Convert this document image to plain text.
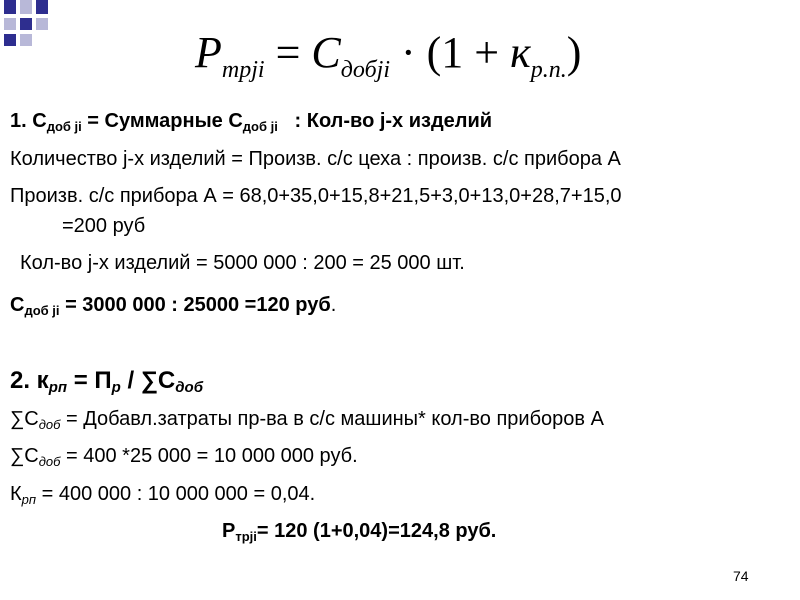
$P_{трji} = C_{добji} \cdot (1 + к_{р.п.})$
1. $С_{доб ji}$ = Суммарные $С_{доб ji}$   : Кол-во j-х изделий
Количество j-х изделий = Произв. с/с цеха : произв. с/с прибора А
Произв. с/с прибора А = 68,0+35,0+15,8+21,5+3,0+13,0+28,7+15,0
=200 руб
Кол-во j-х изделий = 5000 000 : 200 = 25 000 шт.
$С_{доб ji} = 3000$ 000 : 25000 =120 руб.
2. $к_{рп} = П_р / \sum С_{доб}$
$\sum С_{доб}$ = Добавл.затраты пр-ва в с/с машины* кол-во приборов А
$\sum С_{доб} = 400$ *25 000 = 10 000 000 руб.
$К_{рп} = 400$ 000 : 10 000 000 = 0,04.
$Р_{трji}= 120$ (1+0,04)=124,8 руб.
74
